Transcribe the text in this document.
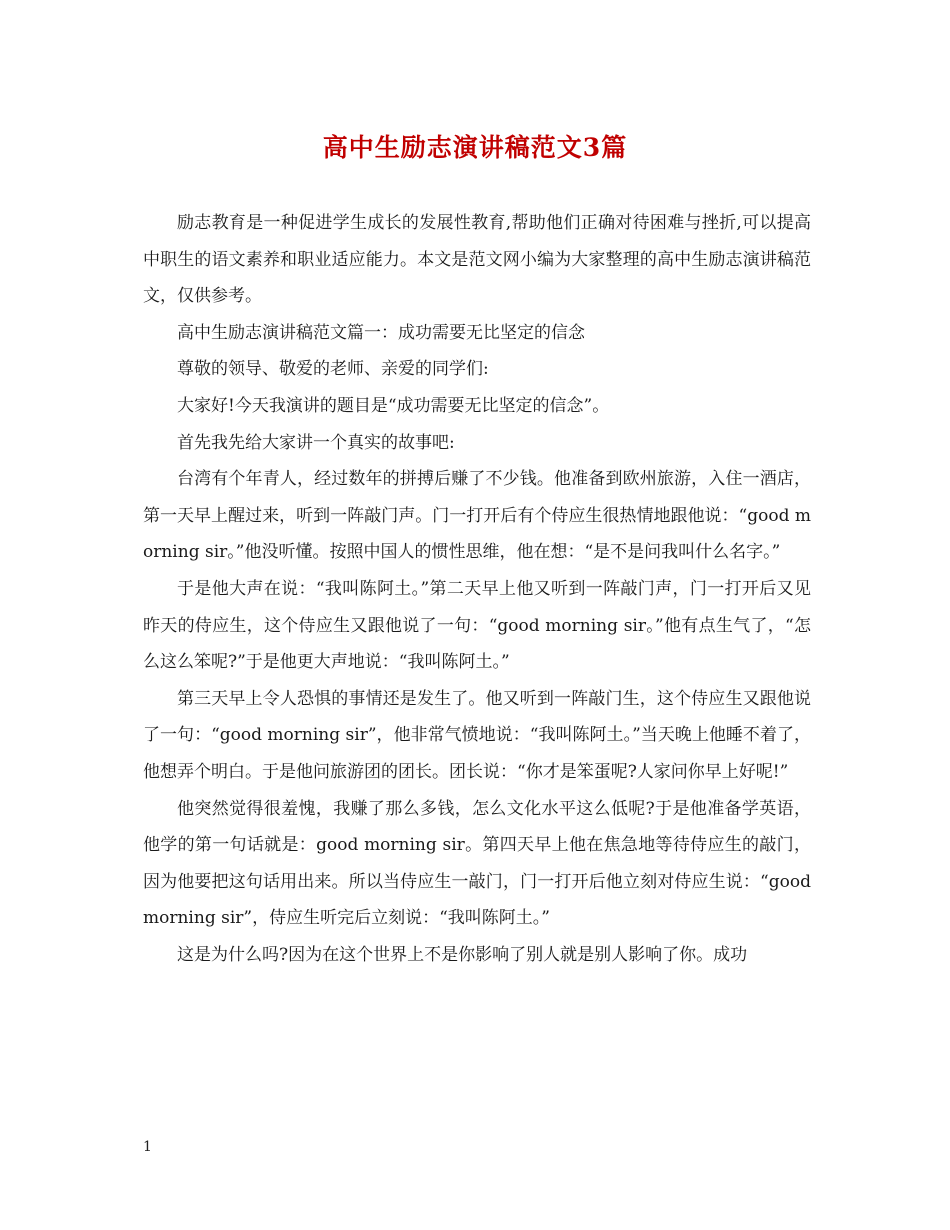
高中生励志演讲稿范文3篇

励志教育是一种促进学生成长的发展性教育,帮助他们正确对待困难与挫折,可以提高中职生的语文素养和职业适应能力。本文是范文网小编为大家整理的高中生励志演讲稿范文，仅供参考。

高中生励志演讲稿范文篇一：成功需要无比坚定的信念

尊敬的领导、敬爱的老师、亲爱的同学们:

大家好!今天我演讲的题目是“成功需要无比坚定的信念”。

首先我先给大家讲一个真实的故事吧:

台湾有个年青人，经过数年的拼搏后赚了不少钱。他准备到欧州旅游，入住一酒店，第一天早上醒过来，听到一阵敲门声。门一打开后有个侍应生很热情地跟他说：“good morning sir。”他没听懂。按照中国人的惯性思维，他在想：“是不是问我叫什么名字。”

于是他大声在说：“我叫陈阿土。”第二天早上他又听到一阵敲门声，门一打开后又见昨天的侍应生，这个侍应生又跟他说了一句：“good morning sir。”他有点生气了，“怎么这么笨呢?”于是他更大声地说：“我叫陈阿土。”

第三天早上令人恐惧的事情还是发生了。他又听到一阵敲门生，这个侍应生又跟他说了一句：“good morning sir”，他非常气愤地说：“我叫陈阿土。”当天晚上他睡不着了，他想弄个明白。于是他问旅游团的团长。团长说：“你才是笨蛋呢?人家问你早上好呢!”

他突然觉得很羞愧，我赚了那么多钱，怎么文化水平这么低呢?于是他准备学英语，他学的第一句话就是：good morning sir。第四天早上他在焦急地等待侍应生的敲门，因为他要把这句话用出来。所以当侍应生一敲门，门一打开后他立刻对侍应生说：“good morning sir”，侍应生听完后立刻说：“我叫陈阿土。”

这是为什么吗?因为在这个世界上不是你影响了别人就是别人影响了你。成功

1
